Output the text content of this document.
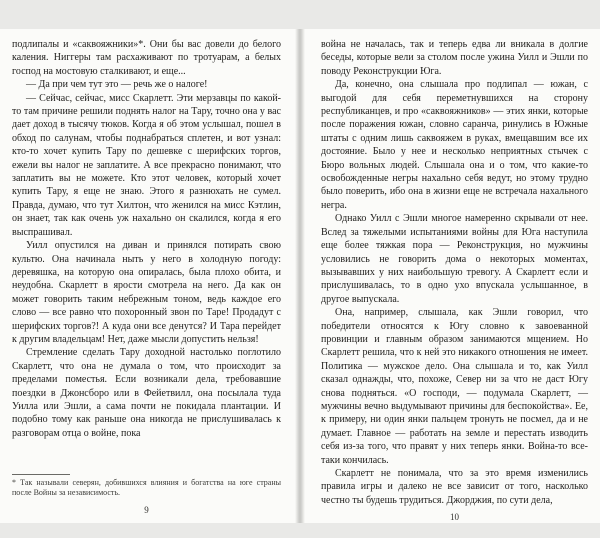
подлипалы и «саквояжники»*. Они бы вас довели до белого каления. Ниггеры там расхаживают по тротуарам, а белых господ на мостовую сталкивают, и еще...

— Да при чем тут это — речь же о налоге!

— Сейчас, сейчас, мисс Скарлетт. Эти мерзавцы по какой-то там причине решили поднять налог на Тару, точно она у вас дает доход в тысячу тюков. Когда я об этом услышал, пошел в обход по салунам, чтобы поднабраться сплетен, и вот узнал: кто-то хочет купить Тару по дешевке с шерифских торгов, ежели вы налог не заплатите. А все прекрасно понимают, что заплатить вы не можете. Кто этот человек, который хочет купить Тару, я еще не знаю. Этого я разнюхать не сумел. Правда, думаю, что тут Хилтон, что женился на мисс Кэтлин, он знает, так как очень уж нахально он скалился, когда я его выспрашивал.

Уилл опустился на диван и принялся потирать свою культю. Она начинала ныть у него в холодную погоду: деревяшка, на которую она опиралась, была плохо обита, и неудобна. Скарлетт в ярости смотрела на него. Да как он может говорить таким небрежным тоном, ведь каждое его слово — все равно что похоронный звон по Таре! Продадут с шерифских торгов?! А куда они все денутся? И Тара перейдет к другим владельцам! Нет, даже мысли допустить нельзя!

Стремление сделать Тару доходной настолько поглотило Скарлетт, что она не думала о том, что происходит за пределами поместья. Если возникали дела, требовавшие поездки в Джонсборо или в Фейетвилл, она посылала туда Уилла или Эшли, а сама почти не покидала плантации. И подобно тому как раньше она никогда не прислушивалась к разговорам отца о войне, пока

* Так называли северян, добившихся влияния и богатства на юге страны после Войны за независимость.
9

война не началась, так и теперь едва ли вникала в долгие беседы, которые вели за столом после ужина Уилл и Эшли по поводу Реконструкции Юга.

Да, конечно, она слышала про подлипал — южан, с выгодой для себя переметнувшихся на сторону республиканцев, и про «саквояжников» — этих янки, которые после поражения южан, словно саранча, ринулись в Южные штаты с одним лишь саквояжем в руках, вмещавшим все их достояние. Было у нее и несколько неприятных стычек с Бюро вольных людей. Слышала она и о том, что какие-то освобожденные негры нахально себя ведут, но этому трудно было поверить, ибо она в жизни еще не встречала нахального негра.

Однако Уилл с Эшли многое намеренно скрывали от нее. Вслед за тяжелыми испытаниями войны для Юга наступила еще более тяжкая пора — Реконструкция, но мужчины условились не говорить дома о некоторых моментах, вызывавших у них наибольшую тревогу. А Скарлетт если и прислушивалась, то в одно ухо впускала услышанное, в другое выпускала.

Она, например, слышала, как Эшли говорил, что победители относятся к Югу словно к завоеванной провинции и главным образом занимаются мщением. Но Скарлетт решила, что к ней это никакого отношения не имеет. Политика — мужское дело. Она слышала и то, как Уилл сказал однажды, что, похоже, Север ни за что не даст Югу снова подняться. «О господи, — подумала Скарлетт, — мужчины вечно выдумывают причины для беспокойства». Ее, к примеру, ни один янки пальцем тронуть не посмел, да и не думает. Главное — работать на земле и перестать изводить себя из-за того, что правят у них теперь янки. Война-то все-таки кончилась.

Скарлетт не понимала, что за это время изменились правила игры и далеко не все зависит от того, насколько честно ты будешь трудиться. Джорджия, по сути дела,

10
